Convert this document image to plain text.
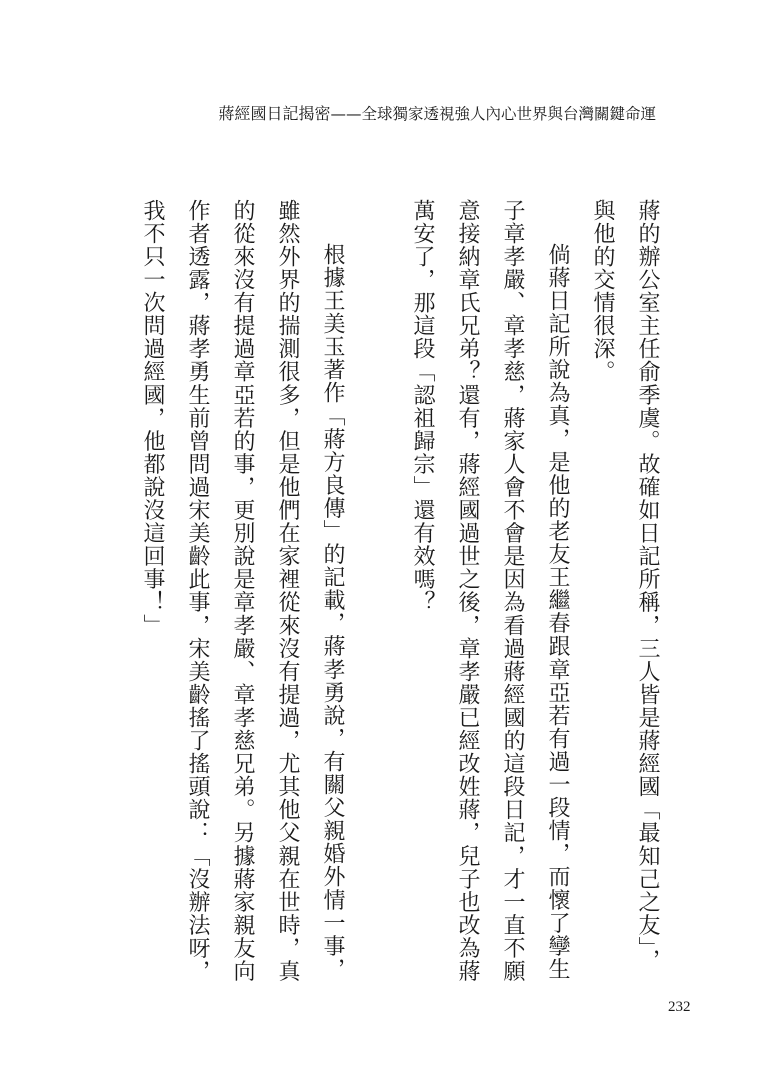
蔣經國日記揭密——全球獨家透視強人內心世界與台灣關鍵命運

蔣的辦公室主任俞季虞。故確如日記所稱，三人皆是蔣經國「最知己之友」，與他的交情很深。

倘蔣日記所說為真，是他的老友王繼春跟章亞若有過一段情，而懷了孿生子章孝嚴、章孝慈，蔣家人會不會是因為看過蔣經國的這段日記，才一直不願意接納章氏兄弟？還有，蔣經國過世之後，章孝嚴已經改姓蔣，兒子也改為蔣萬安了，那這段「認祖歸宗」還有效嗎？

根據王美玉著作「蔣方良傳」的記載，蔣孝勇說，有關父親婚外情一事，雖然外界的揣測很多，但是他們在家裡從來沒有提過，尤其他父親在世時，真的從來沒有提過章亞若的事，更別說是章孝嚴、章孝慈兄弟。另據蔣家親友向作者透露，蔣孝勇生前曾問過宋美齡此事，宋美齡搖了搖頭說：「沒辦法呀，我不只一次問過經國，他都說沒這回事！」

232
